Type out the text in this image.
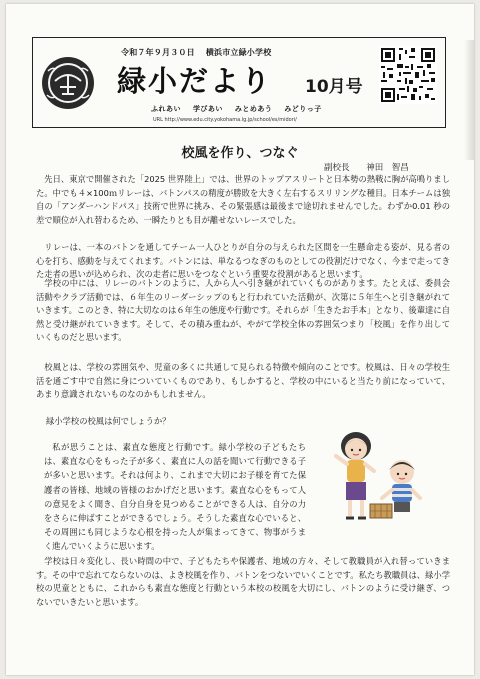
令和７年９月３０日 横浜市立緑小学校
緑小だより 10月号
ふれあい 学びあい みとめあう みどりっ子
URL http://www.edu.city.yokohama.lg.jp/school/es/midori/
校風を作り、つなぐ
副校長 神田　智昌

先日、東京で開催された「2025 世界陸上」では、世界のトップアスリートと日本勢の熱戦に胸が高鳴りました。中でも４×100ｍリレーは、バトンパスの精度が勝敗を大きく左右するスリリングな種目。日本チームは独自の「アンダーハンドパス」技術で世界に挑み、その緊張感は最後まで途切れませんでした。わずか0.01 秒の差で順位が入れ替わるため、一瞬たりとも目が離せないレースでした。

リレーは、一本のバトンを通してチーム一人ひとりが自分の与えられた区間を一生懸命走る姿が、見る者の心を打ち、感動を与えてくれます。バトンには、単なるつなぎのものとしての役割だけでなく、今まで走ってきた走者の思いが込められ、次の走者に思いをつなぐという重要な役割があると思います。

学校の中には、リレーのバトンのように、人から人へ引き継がれていくものがあります。たとえば、委員会活動やクラブ活動では、６年生のリーダーシップのもと行われていた活動が、次第に５年生へと引き継がれていきます。このとき、特に大切なのは６年生の態度や行動です。それらが「生きたお手本」となり、後輩達に自然と受け継がれていきます。そして、その積み重ねが、やがて学校全体の雰囲気つまり「校風」を作り出していくものだと思います。

校風とは、学校の雰囲気や、児童の多くに共通して見られる特徴や傾向のことです。校風は、日々の学校生活を通ごす中で自然に身についていくものであり、もしかすると、学校の中にいると当たり前になっていて、あまり意識されないものなのかもしれません。

緑小学校の校風は何でしょうか？

私が思うことは、素直な態度と行動です。緑小学校の子どもたちは、素直な心をもった子が多く、素直に人の話を聞いて行動できる子が多いと思います。それは何より、これまで大切にお子様を育てた保護者の皆様、地域の皆様のおかげだと思います。素直な心をもって人の意見をよく聞き、自分自身を見つめることができる人は、自分の力をさらに伸ばすことができるでしょう。そうした素直な心でいると、その周囲にも同じような心根を持った人が集まってきて、物事がうまく進んでいくように思います。

学校は日々変化し、長い時間の中で、子どもたちや保護者、地域の方々、そして教職員が入れ替っていきます。その中で忘れてならないのは、よき校風を作り、バトンをつないでいくことです。私たち教職員は、緑小学校の児童とともに、これからも素直な態度と行動という本校の校風を大切にし、バトンのように受け継ぎ、つないでいきたいと思います。
